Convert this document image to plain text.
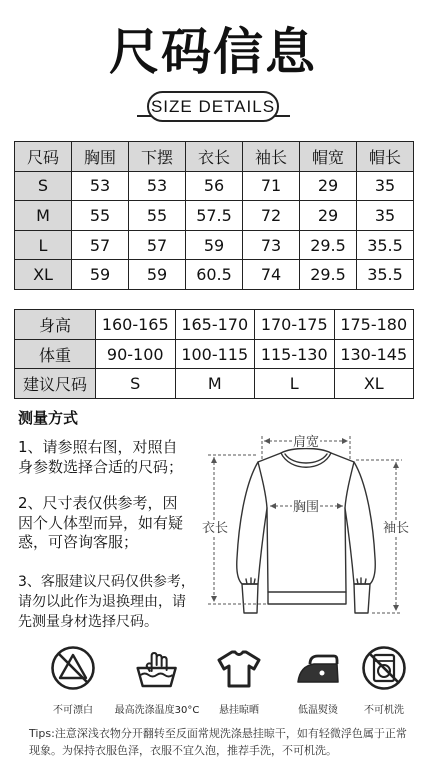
尺码信息
SIZE DETAILS
尺码	胸围	下摆	衣长	袖长	帽宽	帽长
S	53	53	56	71	29	35
M	55	55	57.5	72	29	35
L	57	57	59	73	29.5	35.5
XL	59	59	60.5	74	29.5	35.5
身高	160-165	165-170	170-175	175-180
体重	90-100	100-115	115-130	130-145
建议尺码	S	M	L	XL
测量方式
1、请参照右图，对照自
身参数选择合适的尺码；
2、尺寸表仅供参考，因
因个人体型而异，如有疑
惑，可咨询客服；
3、客服建议尺码仅供参考，
请勿以此作为退换理由，请
先测量身材选择尺码。
肩宽
胸围
衣长	袖长
不可漂白	最高洗涤温度30°C	悬挂晾晒	低温熨烫	不可机洗
Tips:注意深浅衣物分开翻转至反面常规洗涤悬挂晾干，如有轻微浮色属于正常
现象。为保持衣服色泽，衣服不宜久泡，推荐手洗，不可机洗。
